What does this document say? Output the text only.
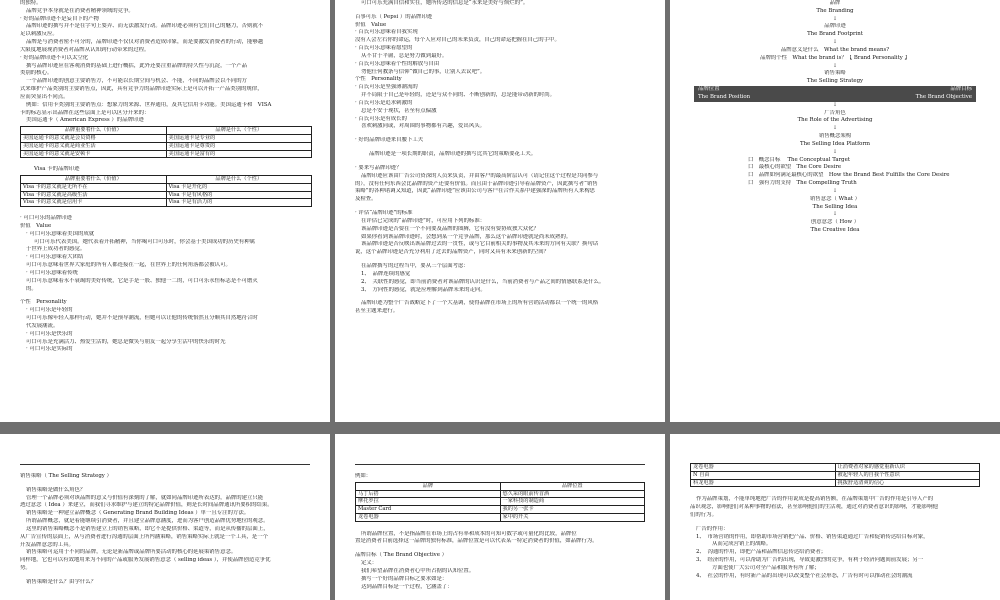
的独特。
品牌竞争本身就是在消费者精神领域的竞争。
· 好的品牌印迹不是妄自下的产物
品牌印迹的撰写并不是在字句上耍弄、而无法激发行动。品牌印迹必须有它们自己的魅力，否则就不
足以刺激反应。
品牌是与消费者密不可分的，品牌印迹不仅仅对消费者造成印象，而是要激发消费者的行动，能够越
大限度地展现消费者对品牌从认知到行动带来的过程。
· 好的品牌印迹不可以太空化
撰写品牌印迹应在客观消费的基础上进行概括，此外还要注重品牌的持久性与沉淀，一个产品
类别的核心。
一个品牌印迹的创意主要销售方，不可能以长期空间与机会、不能，不同的品牌会以不同的方
式来维护产品类别的主要销售点，因此，具有竞争力的品牌印迹实际上是可以开拓一产品类别的规律，
应而突显出不同点。
例如：信用卡类别的主要销售点：想象力的来源、世界通用，及其它信用卡功能。美国运通卡和　VISA
卡的标志显示出品牌在这些层面上是可以区分开来的：
美国运通卡（ American Express ）的品牌印迹
品牌重要着什么（价值）	品牌是什么（个性）
美国运通卡的意义就是会员资格	美国运通卡是专业的
美国运通卡的意义就是商业生活	美国运通卡是尊贵的
美国运通卡的意义就是安顿卡	美国运通卡是富有的
Visa 卡的品牌印迹
品牌重要着什么（价值）	品牌是什么（个性）
Visa 卡的意义就是无所不在	Visa 卡是开化的
Visa 卡的意义就是高级生活	Visa 卡是有风格的
Visa 卡的意义就是信用卡	Visa 卡是有活力的
· 可口可乐的品牌印迹
价值　Value
· 可口可乐意味着美国的成就
可口可乐代表美国。她代表着开拓精神，当你喝可口可乐时，你会基于美国成功的历史有种属
于世界上成功者的感觉。
· 可口可乐意味着大团结
可口可乐意味着世界大家庭的所有人都连接在一起，在世界上的任何角落都会被认可。
· 可口可乐意味着传统
可口可乐意味着永不衰竭的美好传统，它是手是一股、独他一二的，可口可乐永恒标志是不可磨灭
的。
个性　Personality
· 可口可乐是年轻的
可口可乐像年轻人那样行动，她并不是预导潮流，但她可以让他的传统怡然且分顺其自然地符合时
代发展潮流。
· 可口可乐是快乐的
可口可乐是充满活力、热爱生活的，她总是微笑与朋友一起分享生活中的快乐的时光
· 可口可乐是实际的
可口可乐充满自信和实在，她所传达的信息是“永来是美好与烦烂的”。
百事可乐（ Pepsi ）的品牌印迹
价值　Value
· 百氏可乐意味着自我实现
没有人会左右你的命运，每个人应对自己的未来负责，自己的命运把握在自己的手中。
· 百氏可乐意味着愿望的
从不甘于平庸，总是努力做到最好。
· 百氏可乐意味着个性的解放与自由
勿他任何教条与信仰“做自己的事，让别人去议吧”。
个性　Personality
· 百氏可乐是坚强薄潮流的
并不局限于自己是年轻的，还是与众不同的、不断创新的，总是能带动新的时尚。
· 百氏可乐是追求刺激的
总是不安于现状，甚至有点偏激
· 百氏可乐是有成长的
喜欢刺激同或，对周围的事物都有兴趣，爱出风头。
· 好的品牌印迹来自腰下工夫
品牌印迹是一项长期的职责，品牌印迹的撰写比其它的策略要花工夫。
· 要来写品牌印迹？
品牌印迹应该由广告公司资深的人员来负责，并由客户的最高阶层认可（请记住这个过程是共同参与
的），没有任何东西会比品牌的资产还要有价值。而且由于品牌印迹引导着品牌资产，因此撰写者“销售
策略”的各种诸调又知道，因此“品牌印迹”应该由公司与客户在合作关系中建强深的品牌所有人来构思
及检查。
· 评估“品牌印迹”的标准
在评估已完成的“品牌印迹”时，可应用下列的标准：
该品牌印迹是否要在一个不同要及品牌的图腾，它有没有要协成独大众化？
如果你看到该品牌印迹时，会想到某一个竞争品牌，那么这个品牌印迹就是尚未成熟的。
该品牌印迹是否反映出该品牌过去的一贯性，或与它目前相关的事物及其未来的方向有关联？换句话
说，这个品牌印迹是否充分利用了过去的品牌资产，同时又具有未来创新的空间？
在品牌撰写的过程当中，要从三个层面考虑：
1、　品牌连续的感觉
2、　关联性的感觉，即当前消费者对该品牌的认识是什么，当前消费者与产品之间的情感联系是什么。
3、　方向性的感觉，就是应理解到品牌未来的走向。
品牌印迹为整个广告战略定下了一个大基调，使得品牌在市场上的所有营销活动都以一个统一的风格
甚至主题来进行。
品牌
The Branding
↓
品牌印迹
The Brand Footprint
↓
品牌意义是什么　What the brand means?
品牌的个性　What the brand is？【 Brand Personality 】
↓
销售策略
The Selling Strategy
品牌位置	品牌目标
The Brand Position	The Brand Objective
↓
广告角色
The Role of the Advertising
↓
销售概念架构
The Selling Idea Platform
↓
口　概念目标　 The Conceptual Target
口　最核心的欲望　The Core Desire
口　品牌如何满足最核心的欲望　How the Brand Best Fulfills the Core Desire
口　强有力的支持　The Compelling Truth
↓
销售意念（ What ）
The Selling Idea
↓
创意意念（ How ）
The Creative Idea
销售策略（ The Selling Strategy ）
销售策略是做什么角色？
管理一个品牌必须对该品牌的意义与价值有深刻的了解，就如同品牌印迹所表达的，品牌的建立只能
透过意念（ Idea ）来建立，而我们寻求维护与建立的特定品牌价值，则是长时间品牌通讯所要积的结果。
销售策略是一种建立品牌概念（ Generating Brand Building Ideas ）单一且专注的方法。
所谓品牌概念，就是着能继续引消费者，并且建立品牌意涵度，进而为客户创造品牌优势地位的观念。
这里的销售策略概念不是销售建立上的销售策略，即它不是提供价格、渠道等，而是从传播的层面上，
从广告宣传的层面上，从与消费者进行沟通的层面上所内涵策略，销售策略实际上就是一个工具，是一个
开发品牌意念的工具。
销售策略可运用于不同的品牌，无论是新品牌或品牌所要活动的核心的延展策销售意念。
同样地，它也可以有效地用来为不同的产品或服务发展销售意念（ selling ideas ），并使品牌创造竞争优
势。
销售策略是什么？由学什么？
例如：
品牌	品牌位置
马丁后搭	悠久采的眼前传首酒
摩托罗拉	一家科技的制造商
Master Card	我的另一张卡
龙卷电器	家中的开关
所谓品牌位置，不是指品牌在市场上的占有率和成本的可知可数字或可量化的比较，品牌位
置是消费者目前选择这一品牌的独有标准，品牌位置是可以代表某一特定消费者的价值，如品牌行为。
品牌目标（ The Brand Objective ）
定义：
我们希望品牌在消费者心中所占据的认知位置。
撰写一个好的品牌目标之要求如是：
达到品牌目标是一个过程，它涵盖了：
龙卷电器	让消费者对家的感觉重新认识
N 自由	被起年轻人的自我个性意识
科龙电器	挑拨舒适清爽的信心
作为品牌策划，不能单纯地把广告的作用说成是提高销售额，在品牌策划中广告的作用是引导人产的
品识观念，影响他们对某种事物的看法，甚至影响他们的生活观，通过对消费者意识的影响，才能影响他
们的行为。
广告的作用：
1、　市场营销的作用，即帮助市场营销把产品、价格、销售渠道通过广告和促销传达给目标对象，
从而完成营销上的战略。
2、　沟通的作用，即把产品和品牌信息传达给消费者；
3、　经济的作用，可以帮助为广告的出现，导致更激烈的竞争，有利于经济问题间前发展；另一
方面也使广大公司对全产品和服务有所了解；
4、　社会的作用，有时新产品的出现可以改变整个社会形态，广告有时可以推动社会的潮流
